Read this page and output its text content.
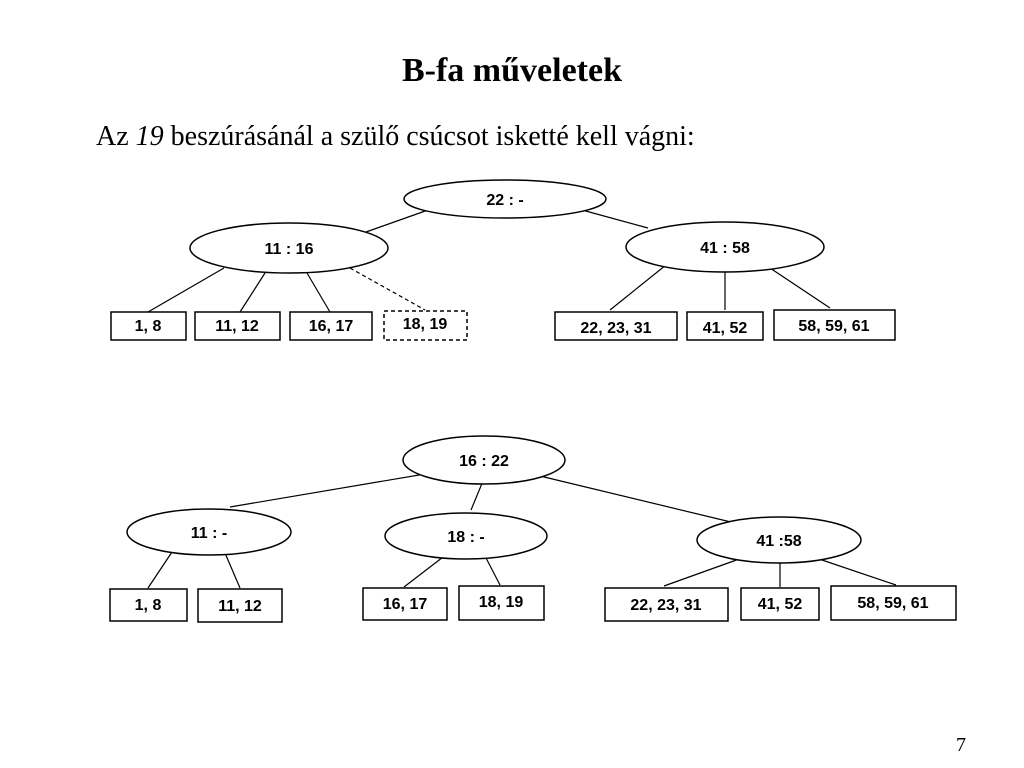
B-fa műveletek
Az 19 beszúrásánál a szülő csúcsot isketté kell vágni:
22 : -
11 : 16	41 : 58
1, 8	11, 12	16, 17	18, 19	22, 23, 31	41, 52	58, 59, 61
16 : 22
11 : -	18 : -	41 :58
1, 8	11, 12	16, 17	18, 19	22, 23, 31	41, 52	58, 59, 61
7
